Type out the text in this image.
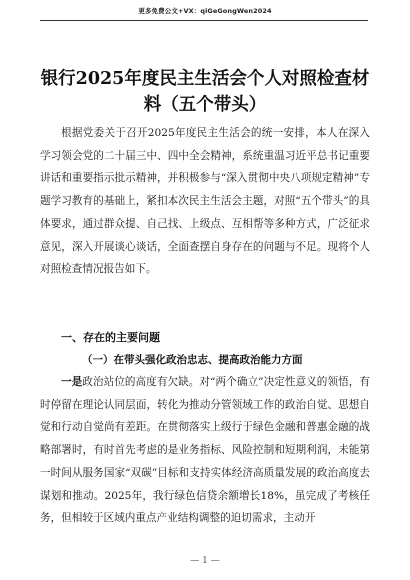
更多免费公文+VX：qiGeGongWen2024
银行2025年度民主生活会个人对照检查材料（五个带头）

根据党委关于召开2025年度民主生活会的统一安排，本人在深入学习领会党的二十届三中、四中全会精神，系统重温习近平总书记重要讲话和重要指示批示精神，并积极参与“深入贯彻中央八项规定精神”专题学习教育的基础上，紧扣本次民主生活会主题，对照“五个带头”的具体要求，通过群众提、自己找、上级点、互相帮等多种方式，广泛征求意见，深入开展谈心谈话，全面查摆自身存在的问题与不足。现将个人对照检查情况报告如下。

一、存在的主要问题
（一）在带头强化政治忠志、提高政治能力方面

一是政治站位的高度有欠缺。对“两个确立”决定性意义的领悟，有时停留在理论认同层面，转化为推动分管领域工作的政治自觉、思想自觉和行动自觉尚有差距。在贯彻落实上级行于绿色金融和普惠金融的战略部署时，有时首先考虑的是业务指标、风险控制和短期利润，未能第一时间从服务国家“双碳”目标和支持实体经济高质量发展的政治高度去谋划和推动。2025年，我行绿色信贷余额增长18%，虽完成了考核任务，但相较于区域内重点产业结构调整的迫切需求，主动开

— 1 —
